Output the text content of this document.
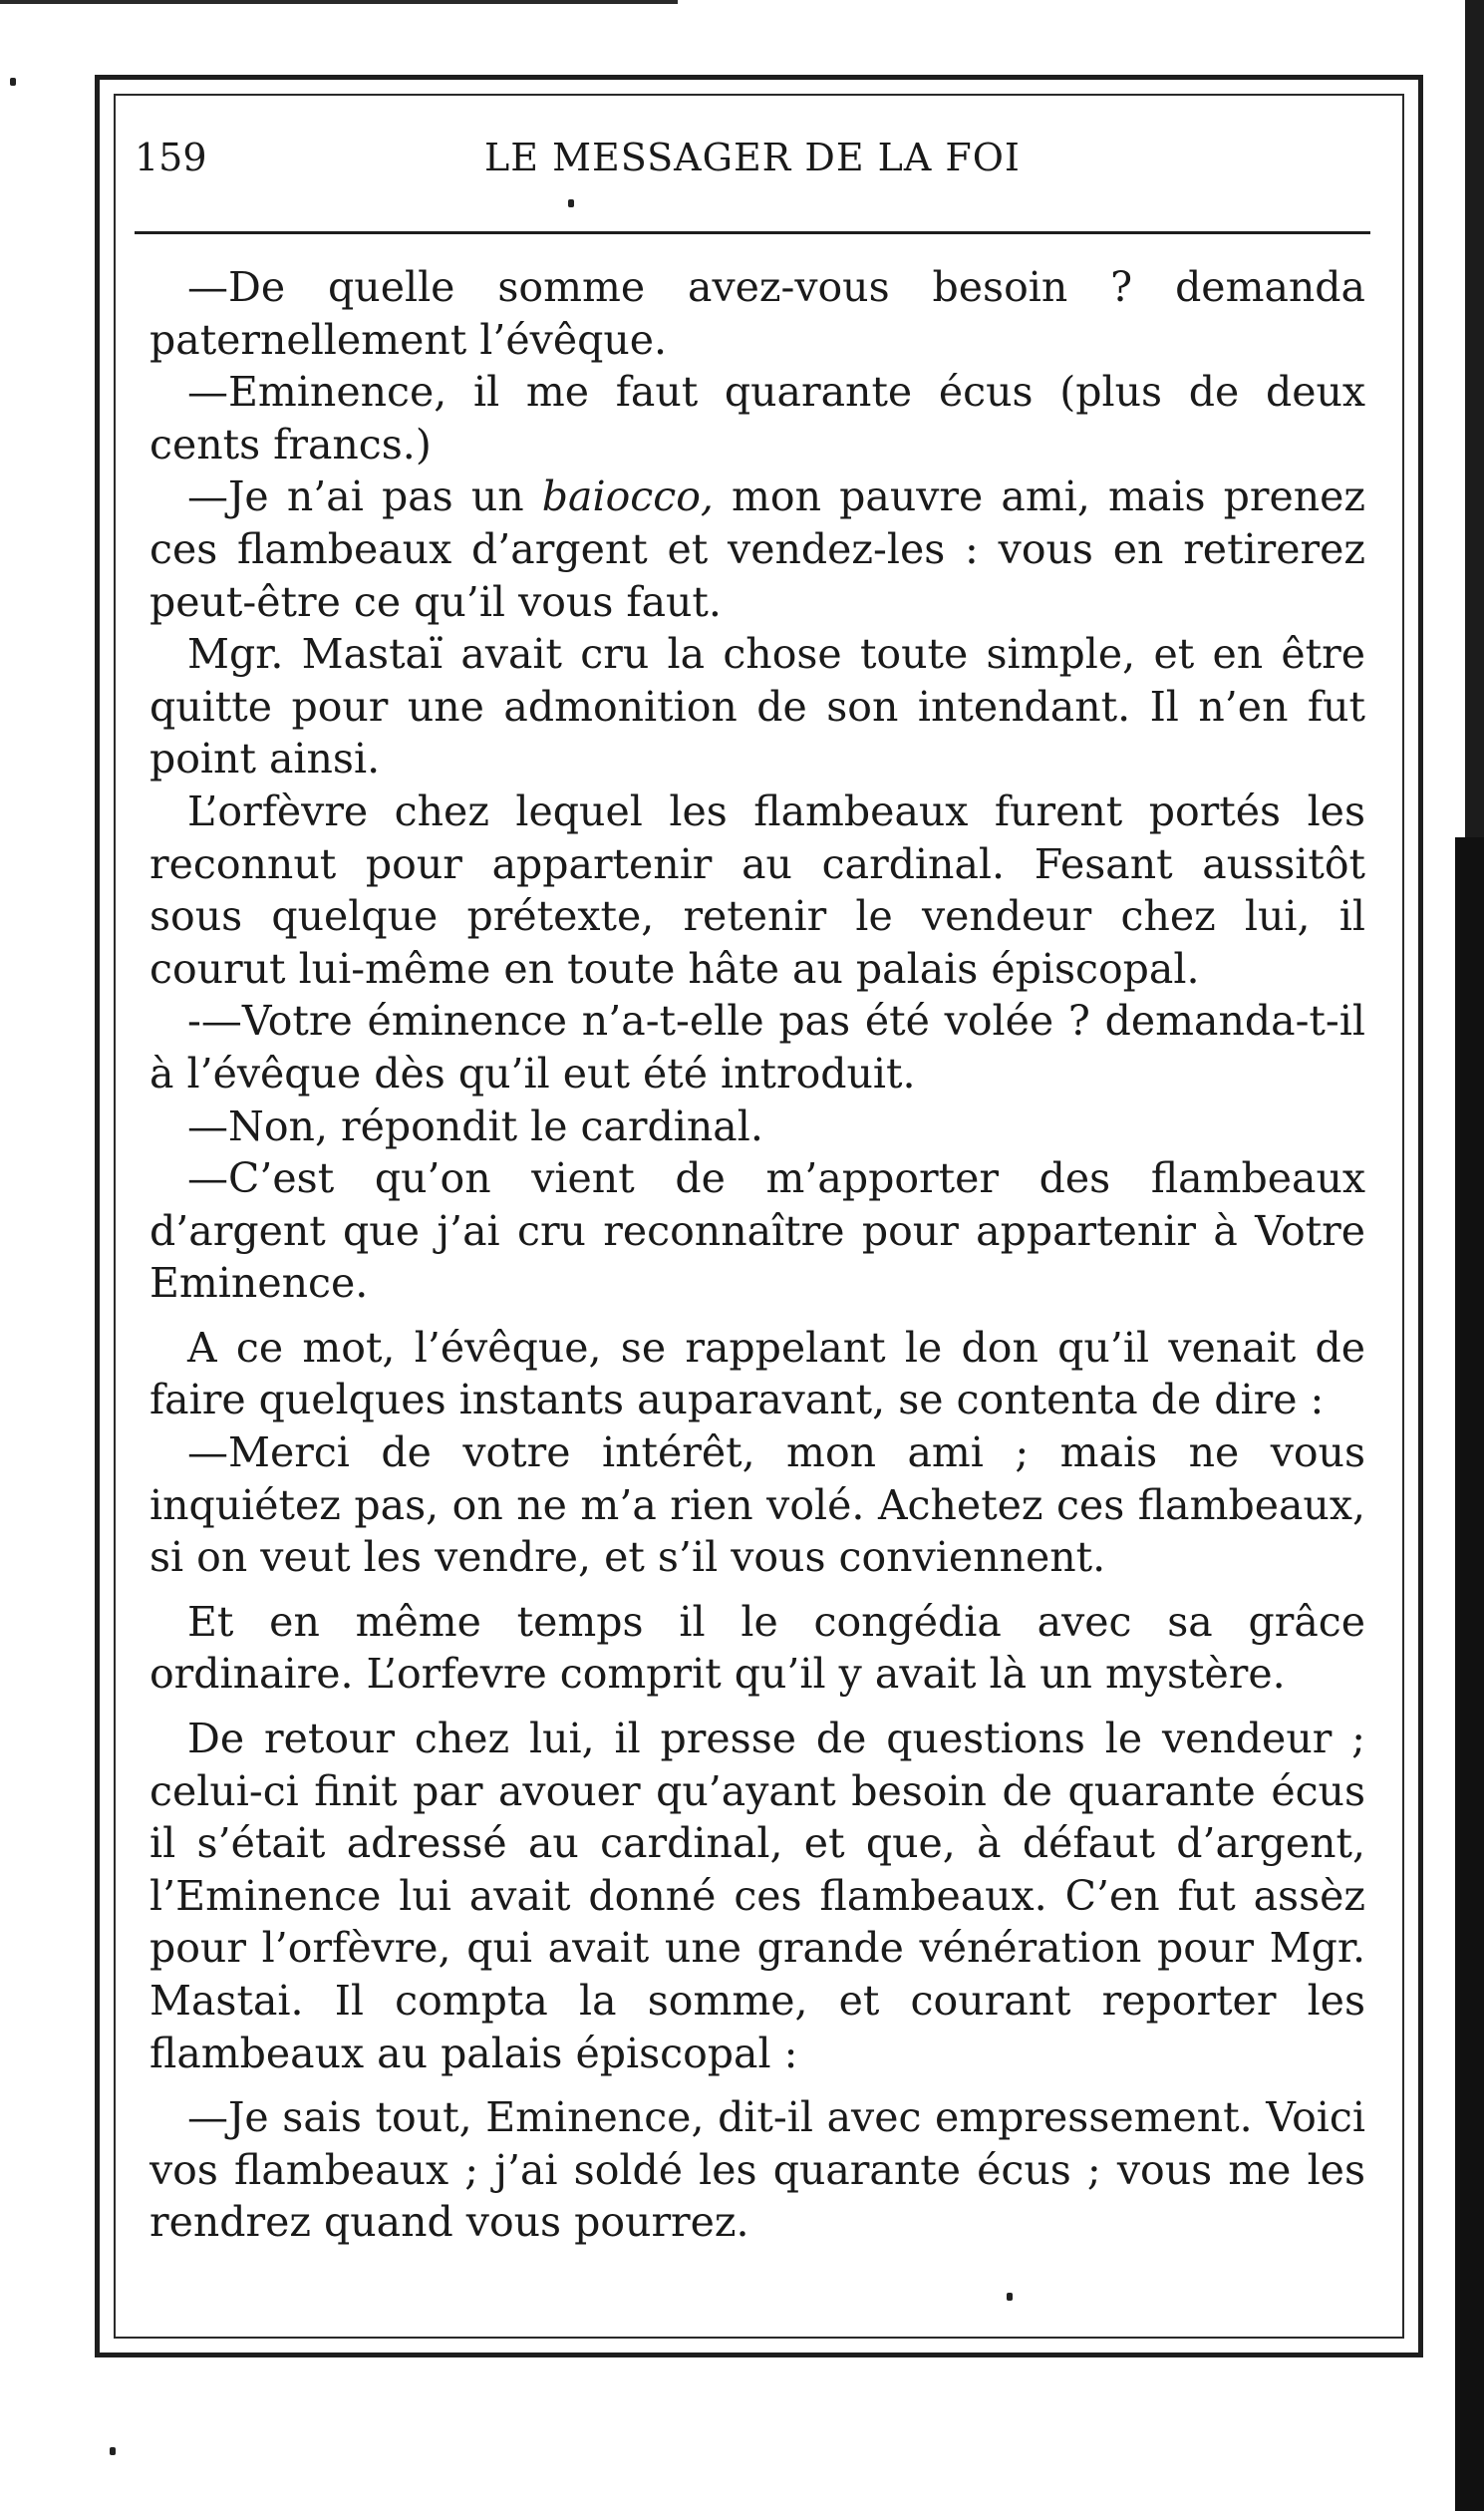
159	LE MESSAGER DE LA FOI

—De quelle somme avez-vous besoin ? demanda paternellement l’évêque.

—Eminence, il me faut quarante écus (plus de deux cents francs.)

—Je n’ai pas un baiocco, mon pauvre ami, mais prenez ces flambeaux d’argent et vendez-les : vous en retirerez peut-être ce qu’il vous faut.

Mgr. Mastaï avait cru la chose toute simple, et en être quitte pour une admonition de son intendant. Il n’en fut point ainsi.

L’orfèvre chez lequel les flambeaux furent portés les reconnut pour appartenir au cardinal. Fesant aussitôt sous quelque prétexte, retenir le vendeur chez lui, il courut lui-même en toute hâte au palais épiscopal.

-—Votre éminence n’a-t-elle pas été volée ? demanda-t-il à l’évêque dès qu’il eut été introduit.

—Non, répondit le cardinal.

—C’est qu’on vient de m’apporter des flambeaux d’argent que j’ai cru reconnaître pour appartenir à Votre Eminence.

A ce mot, l’évêque, se rappelant le don qu’il venait de faire quelques instants auparavant, se contenta de dire :

—Merci de votre intérêt, mon ami ; mais ne vous inquiétez pas, on ne m’a rien volé. Achetez ces flambeaux, si on veut les vendre, et s’il vous conviennent.

Et en même temps il le congédia avec sa grâce ordinaire. L’orfevre comprit qu’il y avait là un mystère.

De retour chez lui, il presse de questions le vendeur ; celui-ci finit par avouer qu’ayant besoin de quarante écus il s’était adressé au cardinal, et que, à défaut d’argent, l’Eminence lui avait donné ces flambeaux. C’en fut assèz pour l’orfèvre, qui avait une grande vénération pour Mgr. Mastai. Il compta la somme, et courant reporter les flambeaux au palais épiscopal :

—Je sais tout, Eminence, dit-il avec empressement. Voici vos flambeaux ; j’ai soldé les quarante écus ; vous me les rendrez quand vous pourrez.
